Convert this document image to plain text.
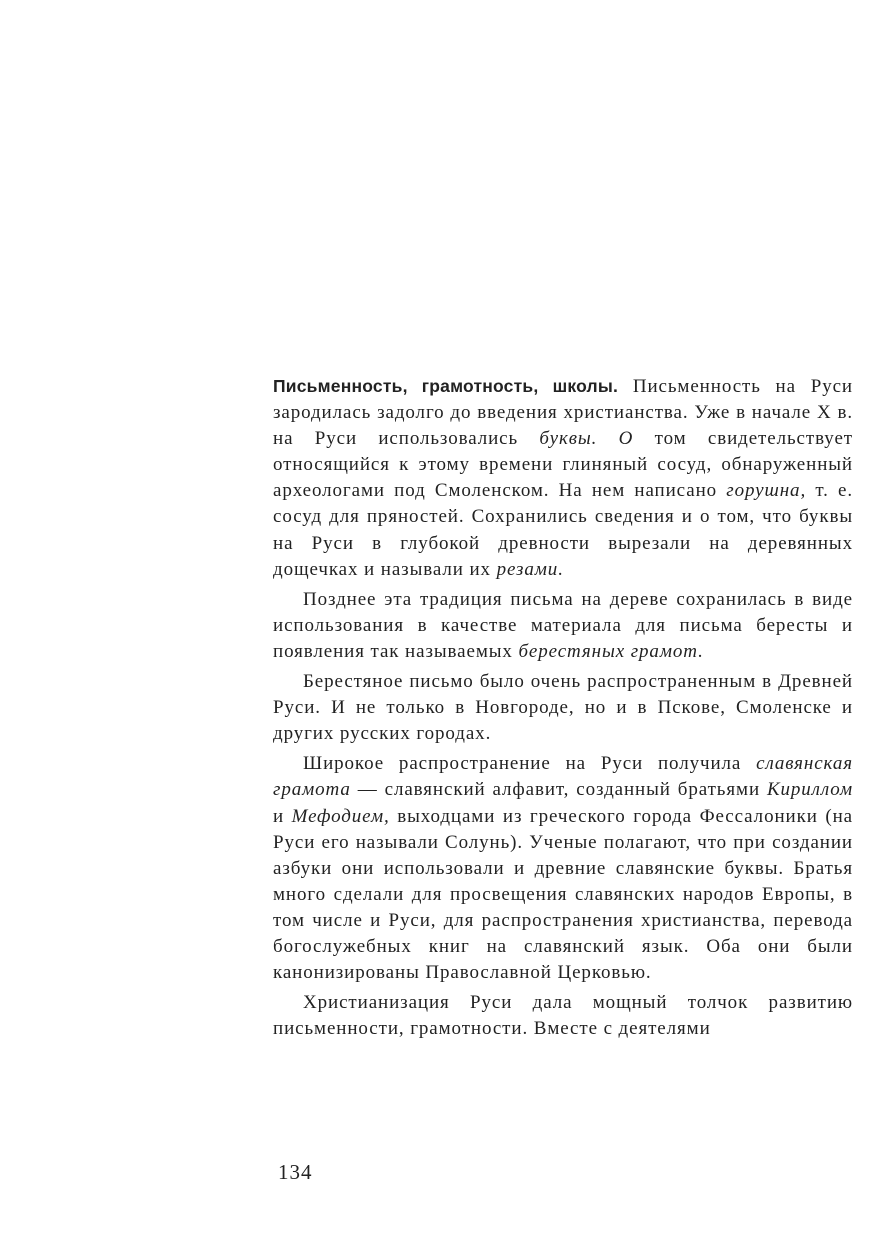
Письменность, грамотность, школы. Письменность на Руси зародилась задолго до введения христианства. Уже в начале X в. на Руси использовались буквы. О том свидетельствует относящийся к этому времени глиняный сосуд, обнаруженный археологами под Смоленском. На нем написано горушна, т. е. сосуд для пряностей. Сохранились сведения и о том, что буквы на Руси в глубокой древности вырезали на деревянных дощечках и называли их резами.

Позднее эта традиция письма на дереве сохранилась в виде использования в качестве материала для письма бересты и появления так называемых берестяных грамот.

Берестяное письмо было очень распространенным в Древней Руси. И не только в Новгороде, но и в Пскове, Смоленске и других русских городах.

Широкое распространение на Руси получила славянская грамота — славянский алфавит, созданный братьями Кириллом и Мефодием, выходцами из греческого города Фессалоники (на Руси его называли Солунь). Ученые полагают, что при создании азбуки они использовали и древние славянские буквы. Братья много сделали для просвещения славянских народов Европы, в том числе и Руси, для распространения христианства, перевода богослужебных книг на славянский язык. Оба они были канонизированы Православной Церковью.

Христианизация Руси дала мощный толчок развитию письменности, грамотности. Вместе с деятелями

134
